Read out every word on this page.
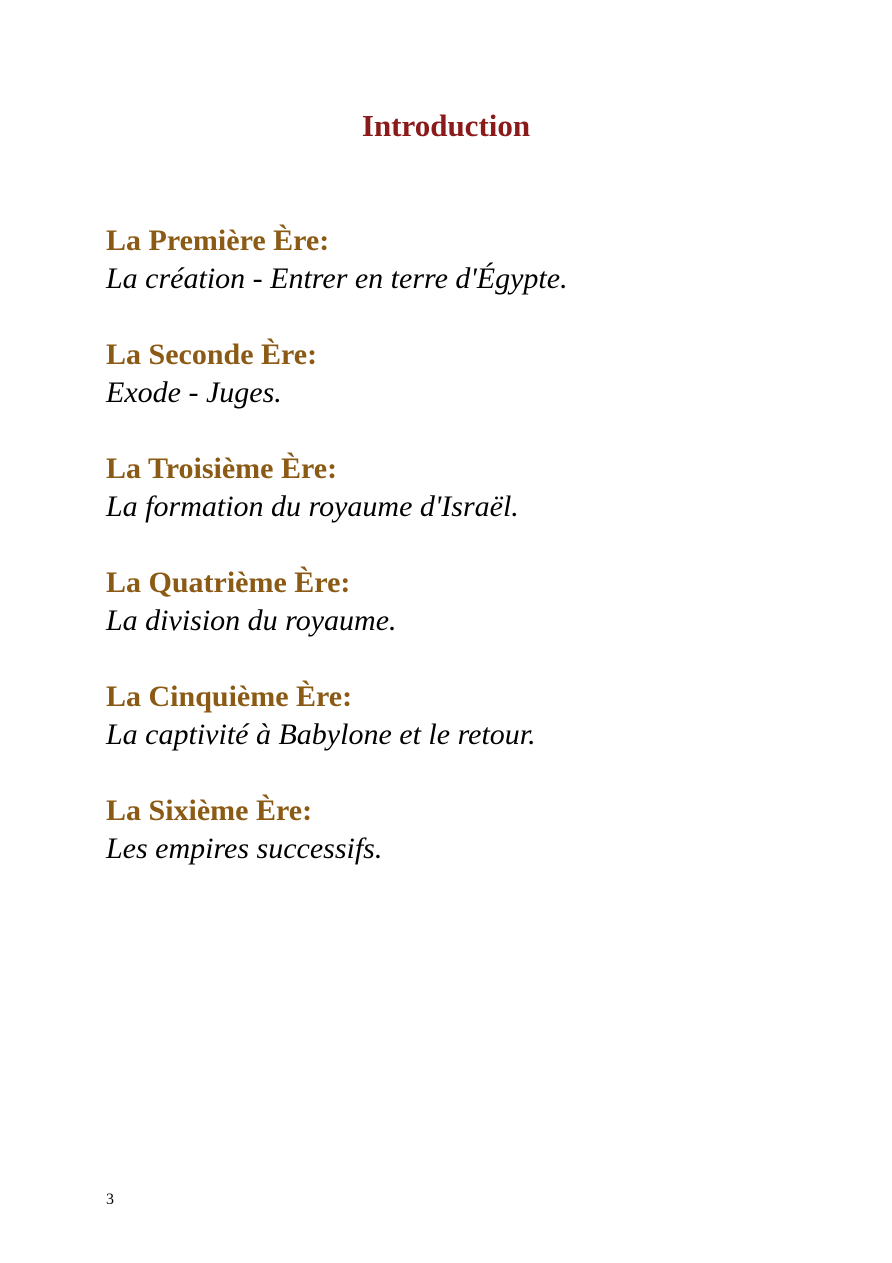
Introduction
La Première Ère:
La création - Entrer en terre d'Égypte.
La Seconde Ère:
Exode - Juges.
La Troisième Ère:
La formation du royaume d'Israël.
La Quatrième Ère:
La division du royaume.
La Cinquième Ère:
La captivité à Babylone et le retour.
La Sixième Ère:
Les empires successifs.
3
